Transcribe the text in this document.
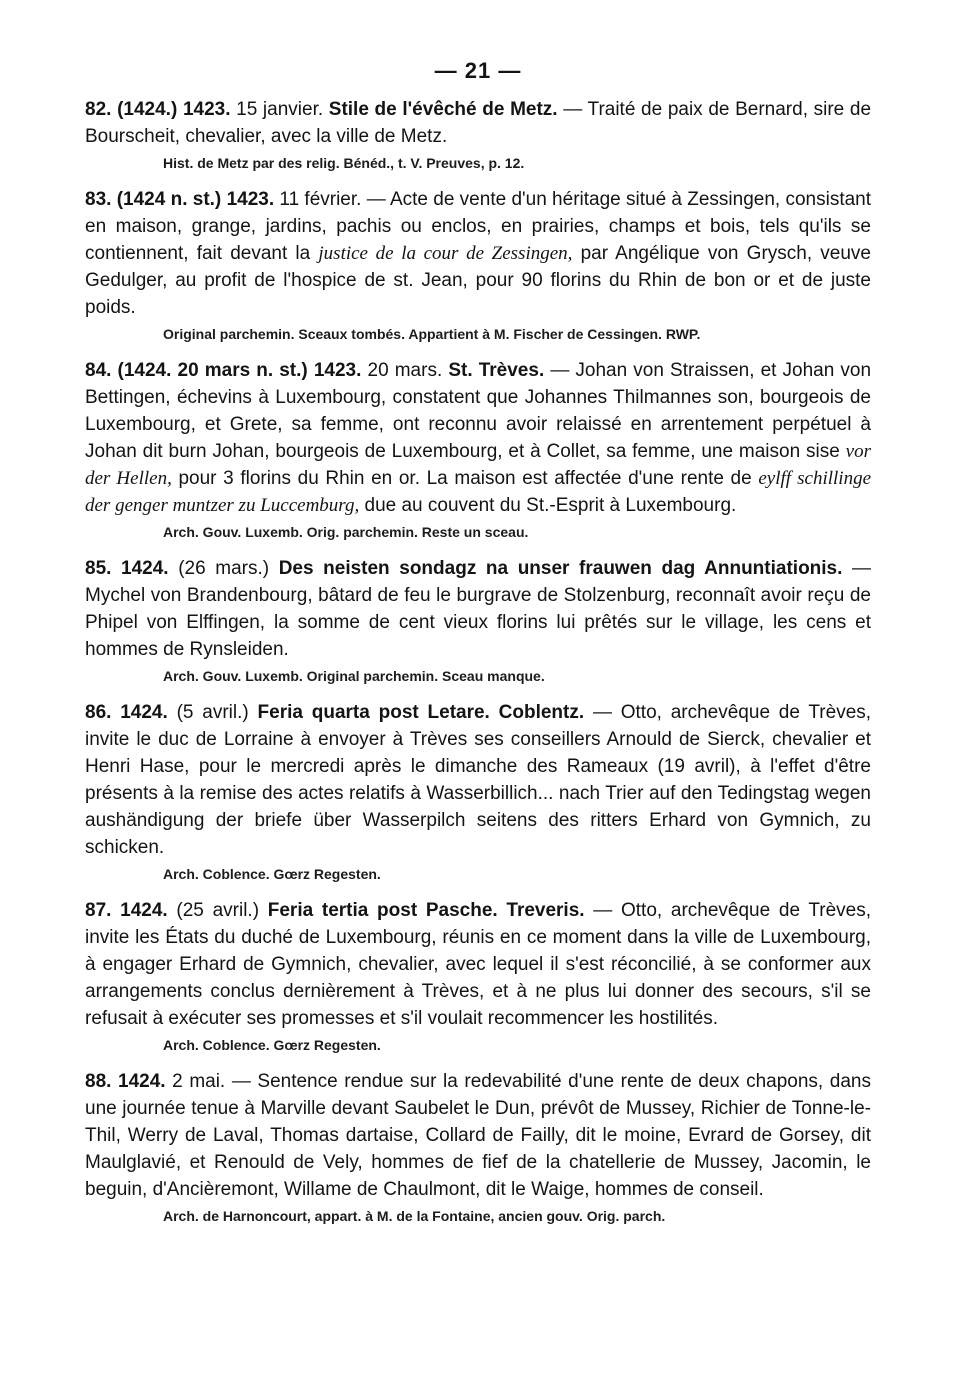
— 21 —

82. (1424.) 1423. 15 janvier. Stile de l'évêché de Metz. — Traité de paix de Bernard, sire de Bourscheit, chevalier, avec la ville de Metz.

Hist. de Metz par des relig. Bénéd., t. V. Preuves, p. 12.

83. (1424 n. st.) 1423. 11 février. — Acte de vente d'un héritage situé à Zessingen, consistant en maison, grange, jardins, pachis ou enclos, en prairies, champs et bois, tels qu'ils se contiennent, fait devant la justice de la cour de Zessingen, par Angélique von Grysch, veuve Gedulger, au profit de l'hospice de st. Jean, pour 90 florins du Rhin de bon or et de juste poids.

Original parchemin. Sceaux tombés. Appartient à M. Fischer de Cessingen. RWP.

84. (1424. 20 mars n. st.) 1423. 20 mars. St. Trèves. — Johan von Straissen, et Johan von Bettingen, échevins à Luxembourg, constatent que Johannes Thilmannes son, bourgeois de Luxembourg, et Grete, sa femme, ont reconnu avoir relaissé en arrentement perpétuel à Johan dit burn Johan, bourgeois de Luxembourg, et à Collet, sa femme, une maison sise vor der Hellen, pour 3 florins du Rhin en or. La maison est affectée d'une rente de eylff schillinge der genger muntzer zu Luccemburg, due au couvent du St.-Esprit à Luxembourg.

Arch. Gouv. Luxemb. Orig. parchemin. Reste un sceau.

85. 1424. (26 mars.) Des neisten sondagz na unser frauwen dag Annuntiationis. — Mychel von Brandenbourg, bâtard de feu le burgrave de Stolzenburg, reconnaît avoir reçu de Phipel von Elffingen, la somme de cent vieux florins lui prêtés sur le village, les cens et hommes de Rynsleiden.

Arch. Gouv. Luxemb. Original parchemin. Sceau manque.

86. 1424. (5 avril.) Feria quarta post Letare. Coblentz. — Otto, archevêque de Trèves, invite le duc de Lorraine à envoyer à Trèves ses conseillers Arnould de Sierck, chevalier et Henri Hase, pour le mercredi après le dimanche des Rameaux (19 avril), à l'effet d'être présents à la remise des actes relatifs à Wasserbillich... nach Trier auf den Tedingstag wegen aushändigung der briefe über Wasserpilch seitens des ritters Erhard von Gymnich, zu schicken.

Arch. Coblence. Gœrz Regesten.

87. 1424. (25 avril.) Feria tertia post Pasche. Treveris. — Otto, archevêque de Trèves, invite les États du duché de Luxembourg, réunis en ce moment dans la ville de Luxembourg, à engager Erhard de Gymnich, chevalier, avec lequel il s'est réconcilié, à se conformer aux arrangements conclus dernièrement à Trèves, et à ne plus lui donner des secours, s'il se refusait à exécuter ses promesses et s'il voulait recommencer les hostilités.

Arch. Coblence. Gœrz Regesten.

88. 1424. 2 mai. — Sentence rendue sur la redevabilité d'une rente de deux chapons, dans une journée tenue à Marville devant Saubelet le Dun, prévôt de Mussey, Richier de Tonne-le-Thil, Werry de Laval, Thomas dartaise, Collard de Failly, dit le moine, Evrard de Gorsey, dit Maulglavié, et Renould de Vely, hommes de fief de la chatellerie de Mussey, Jacomin, le beguin, d'Ancièremont, Willame de Chaulmont, dit le Waige, hommes de conseil.

Arch. de Harnoncourt, appart. à M. de la Fontaine, ancien gouv. Orig. parch.
